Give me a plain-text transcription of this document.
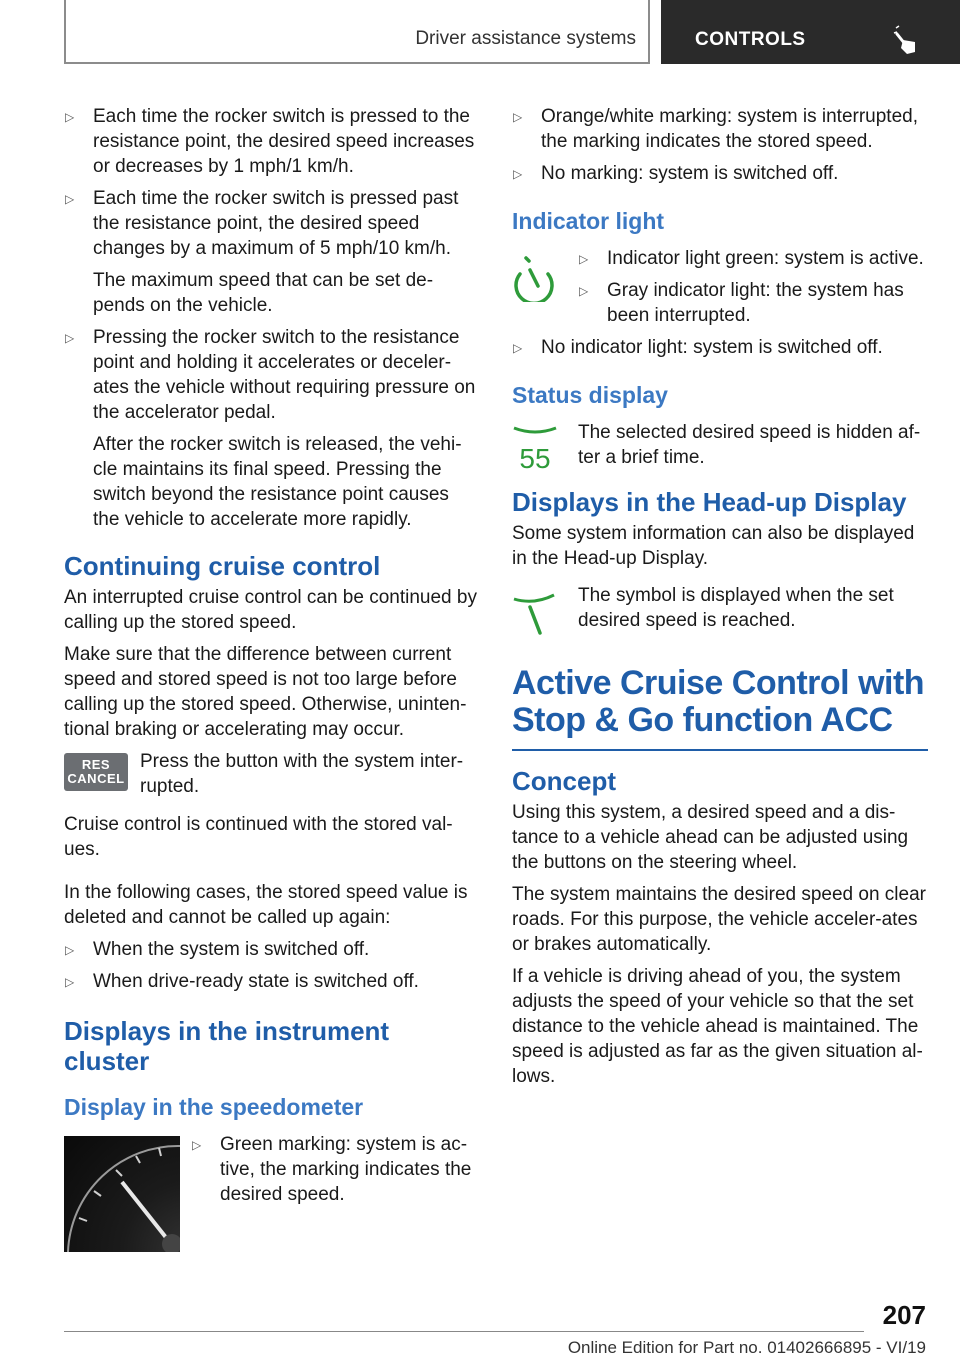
Driver assistance systems	CONTROLS
▷ Each time the rocker switch is pressed to the resistance point, the desired speed increases or decreases by 1 mph/1 km/h.
▷ Each time the rocker switch is pressed past the resistance point, the desired speed changes by a maximum of 5 mph/10 km/h.
The maximum speed that can be set de‐pends on the vehicle.
▷ Pressing the rocker switch to the resistance point and holding it accelerates or deceler‐ates the vehicle without requiring pressure on the accelerator pedal.
After the rocker switch is released, the vehi‐cle maintains its final speed. Pressing the switch beyond the resistance point causes the vehicle to accelerate more rapidly.
Continuing cruise control

An interrupted cruise control can be continued by calling up the stored speed.

Make sure that the difference between current speed and stored speed is not too large before calling up the stored speed. Otherwise, uninten‐tional braking or accelerating may occur.

RES
CANCEL

Press the button with the system inter‐rupted.

Cruise control is continued with the stored val‐ues.

In the following cases, the stored speed value is deleted and cannot be called up again:

▷ When the system is switched off.
▷ When drive-ready state is switched off.
Displays in the instrument cluster
Display in the speedometer
▷ Green marking: system is ac‐tive, the marking indicates the desired speed.
▷ Orange/white marking: system is interrupted, the marking indicates the stored speed.
▷ No marking: system is switched off.
Indicator light
▷ Indicator light green: system is active.
▷ Gray indicator light: the system has been interrupted.
▷ No indicator light: system is switched off.
Status display
55

The selected desired speed is hidden af‐ter a brief time.

Displays in the Head-up Display

Some system information can also be displayed in the Head-up Display.

The symbol is displayed when the set desired speed is reached.

Active Cruise Control with Stop & Go function ACC
Concept

Using this system, a desired speed and a dis‐tance to a vehicle ahead can be adjusted using the buttons on the steering wheel.

The system maintains the desired speed on clear roads. For this purpose, the vehicle acceler‐ates or brakes automatically.

If a vehicle is driving ahead of you, the system adjusts the speed of your vehicle so that the set distance to the vehicle ahead is maintained. The speed is adjusted as far as the given situation al‐lows.

207
Online Edition for Part no. 01402666895 - VI/19
